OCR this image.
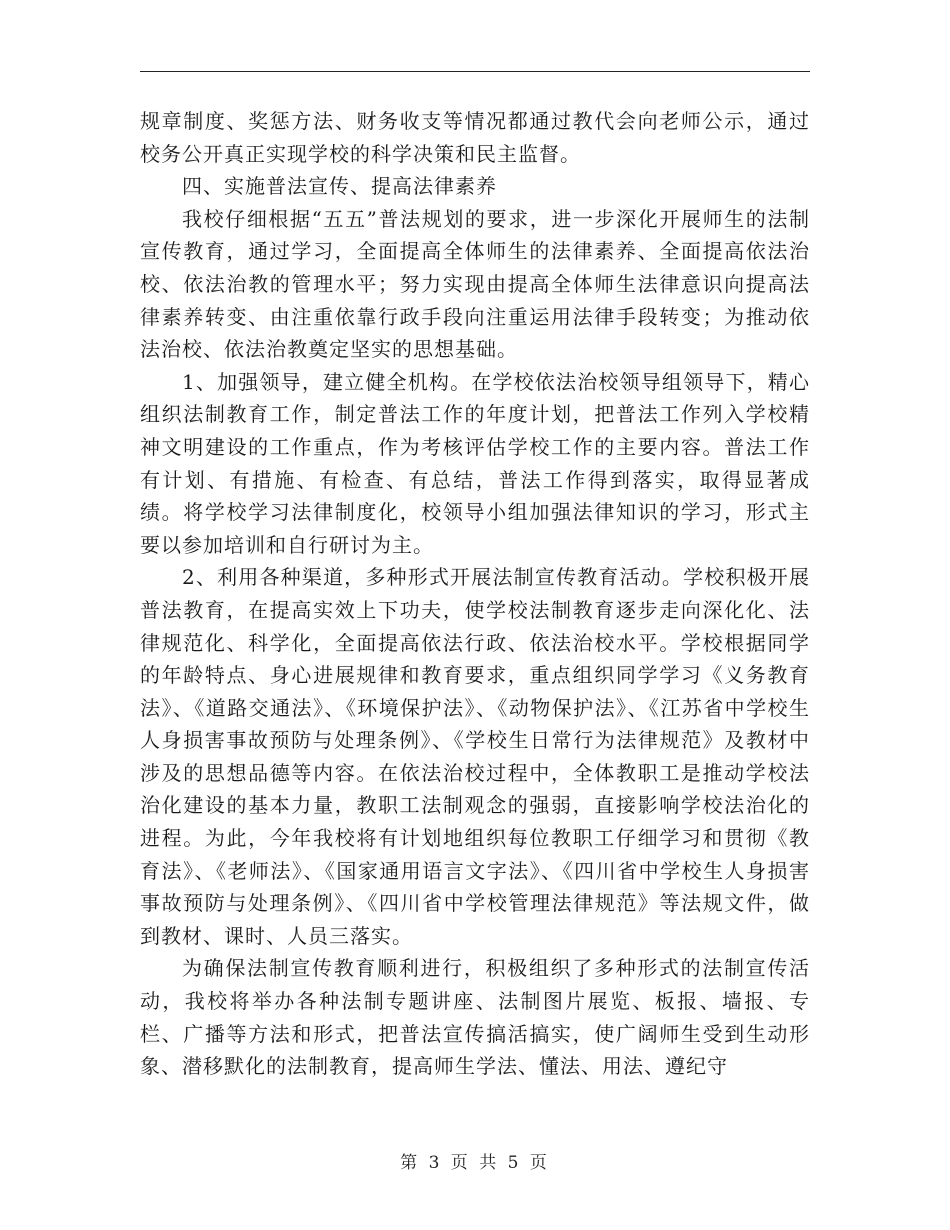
规章制度、奖惩方法、财务收支等情况都通过教代会向老师公示，通过校务公开真正实现学校的科学决策和民主监督。

四、实施普法宣传、提高法律素养

我校仔细根据“五五”普法规划的要求，进一步深化开展师生的法制宣传教育，通过学习，全面提高全体师生的法律素养、全面提高依法治校、依法治教的管理水平；努力实现由提高全体师生法律意识向提高法律素养转变、由注重依靠行政手段向注重运用法律手段转变；为推动依法治校、依法治教奠定坚实的思想基础。

1、加强领导，建立健全机构。在学校依法治校领导组领导下，精心组织法制教育工作，制定普法工作的年度计划，把普法工作列入学校精神文明建设的工作重点，作为考核评估学校工作的主要内容。普法工作有计划、有措施、有检查、有总结，普法工作得到落实，取得显著成绩。将学校学习法律制度化，校领导小组加强法律知识的学习，形式主要以参加培训和自行研讨为主。

2、利用各种渠道，多种形式开展法制宣传教育活动。学校积极开展普法教育，在提高实效上下功夫，使学校法制教育逐步走向深化化、法律规范化、科学化，全面提高依法行政、依法治校水平。学校根据同学的年龄特点、身心进展规律和教育要求，重点组织同学学习《义务教育法》、《道路交通法》、《环境保护法》、《动物保护法》、《江苏省中学校生人身损害事故预防与处理条例》、《学校生日常行为法律规范》及教材中涉及的思想品德等内容。在依法治校过程中，全体教职工是推动学校法治化建设的基本力量，教职工法制观念的强弱，直接影响学校法治化的进程。为此，今年我校将有计划地组织每位教职工仔细学习和贯彻《教育法》、《老师法》、《国家通用语言文字法》、《四川省中学校生人身损害事故预防与处理条例》、《四川省中学校管理法律规范》等法规文件，做到教材、课时、人员三落实。

为确保法制宣传教育顺利进行，积极组织了多种形式的法制宣传活动，我校将举办各种法制专题讲座、法制图片展览、板报、墙报、专栏、广播等方法和形式，把普法宣传搞活搞实，使广阔师生受到生动形象、潜移默化的法制教育，提高师生学法、懂法、用法、遵纪守

第 3 页 共 5 页
